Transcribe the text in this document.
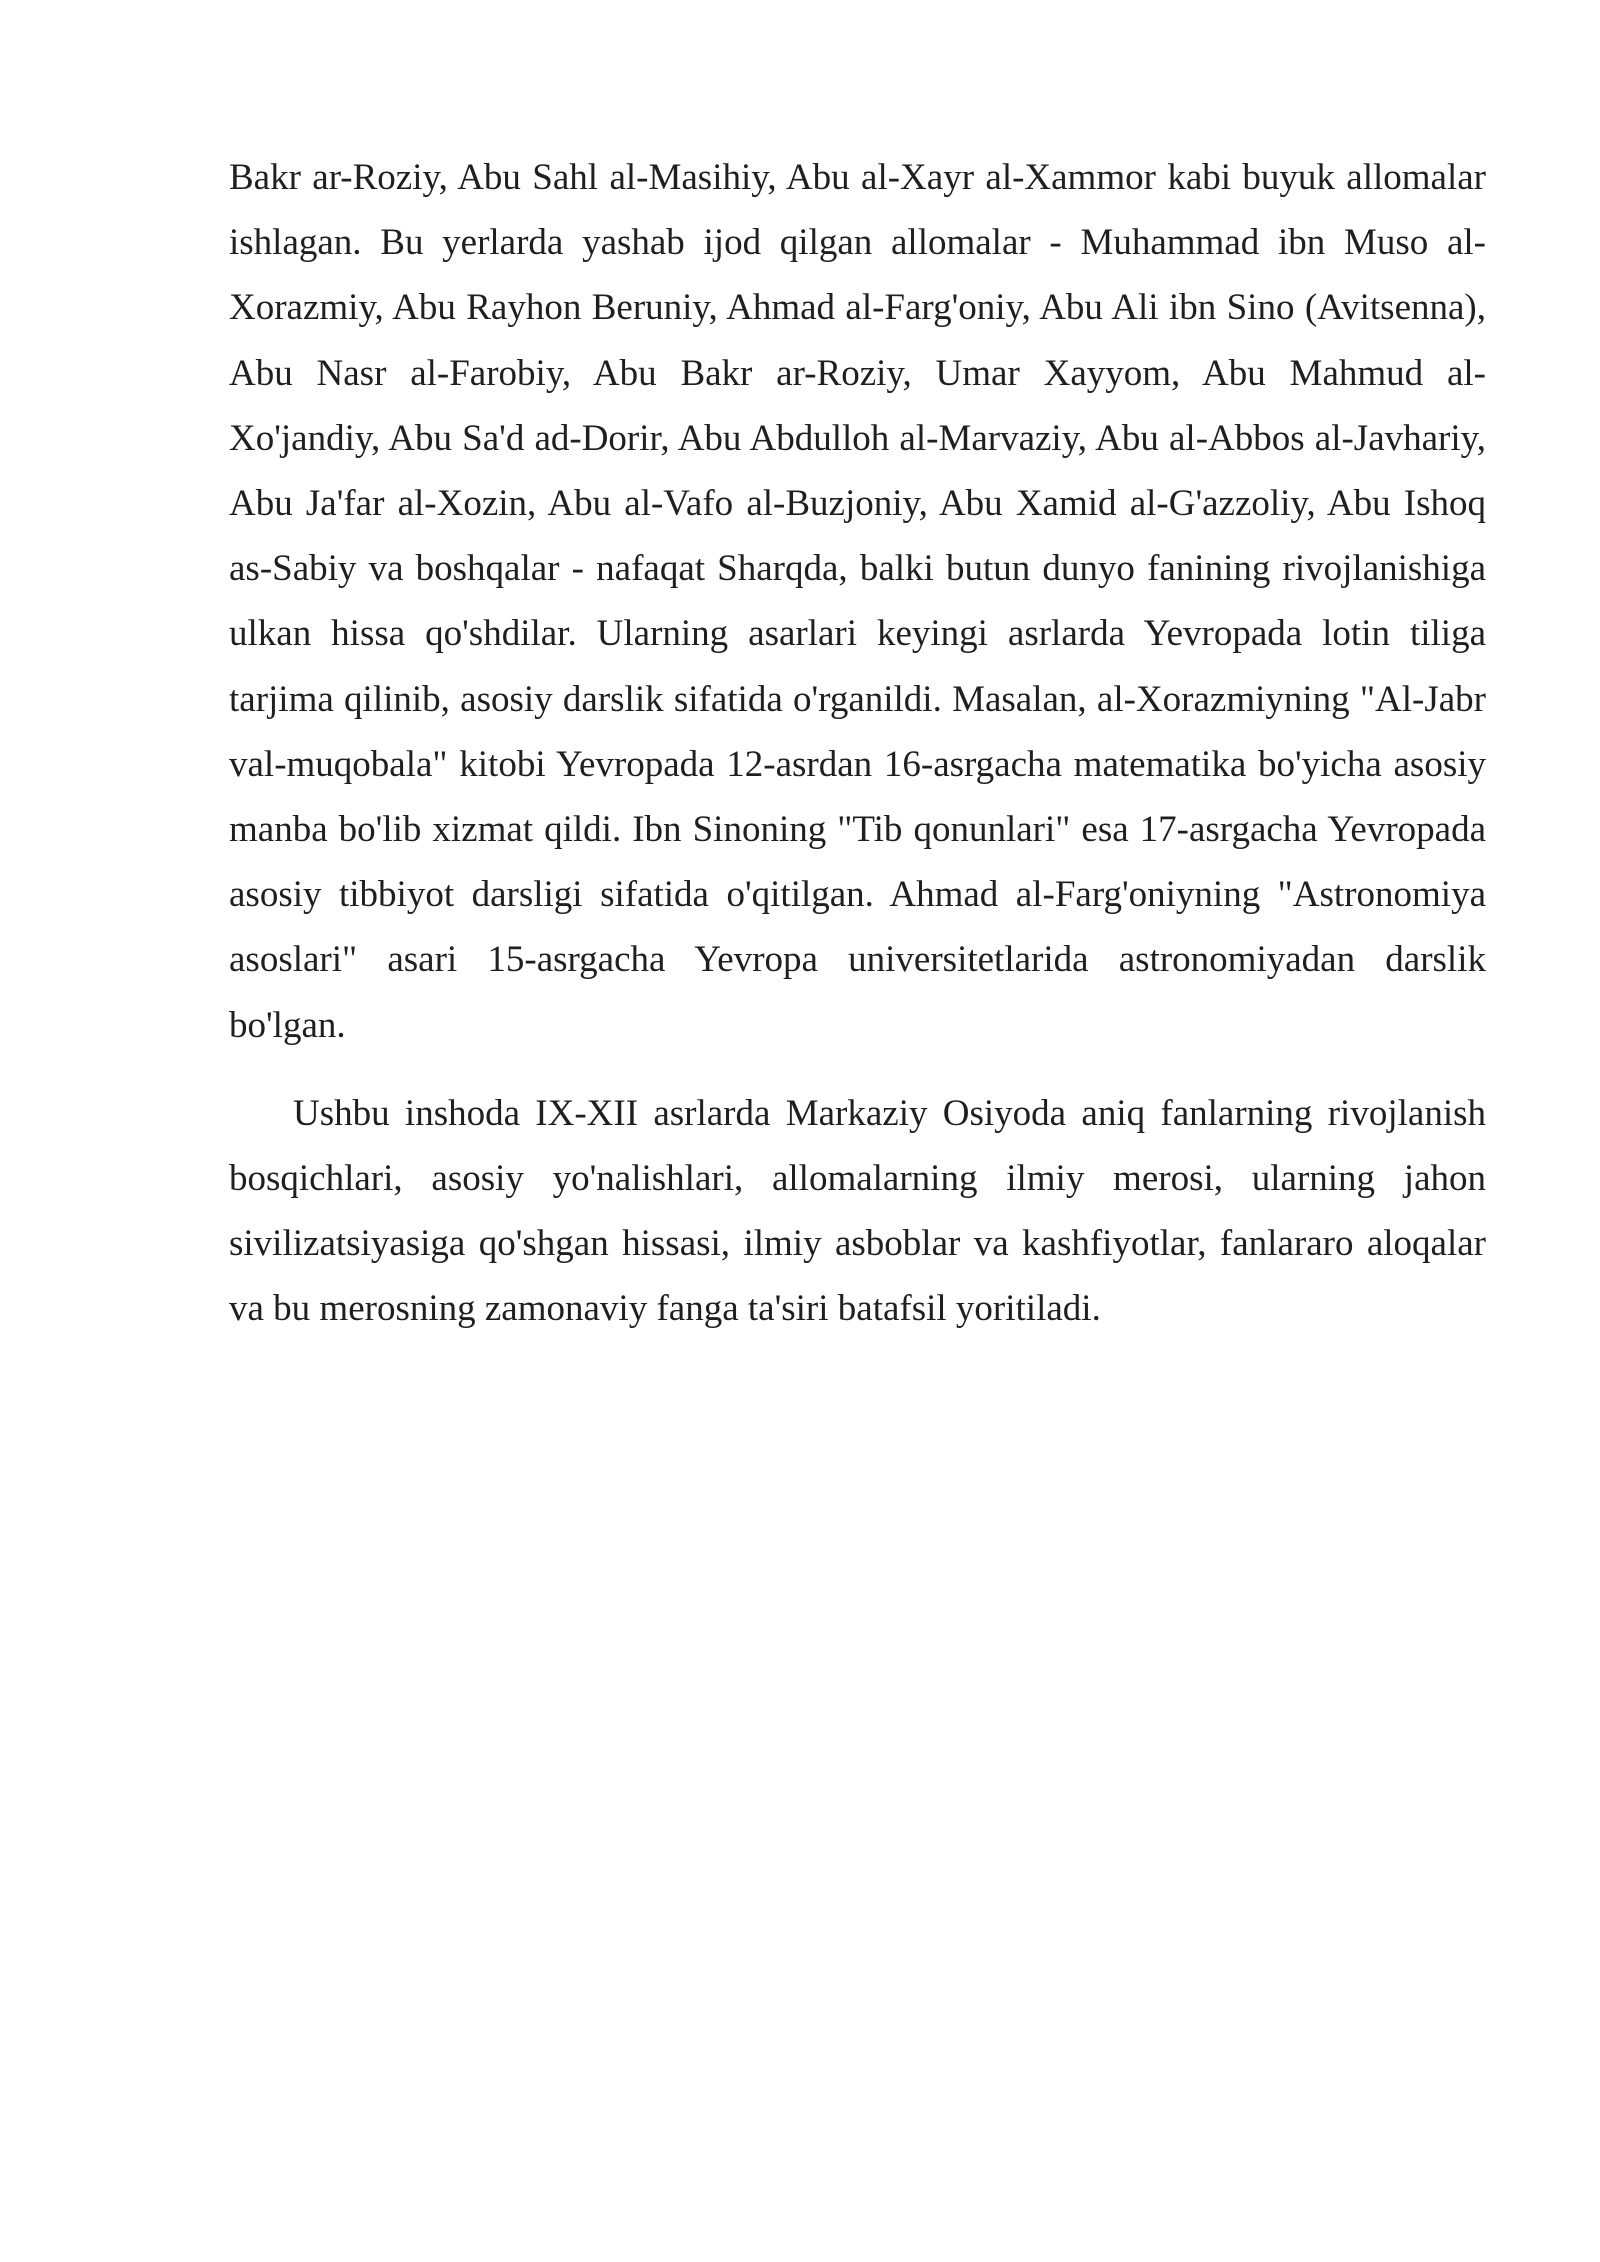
Bakr ar-Roziy, Abu Sahl al-Masihiy, Abu al-Xayr al-Xammor kabi buyuk allomalar ishlagan. Bu yerlarda yashab ijod qilgan allomalar - Muhammad ibn Muso al-Xorazmiy, Abu Rayhon Beruniy, Ahmad al-Farg'oniy, Abu Ali ibn Sino (Avitsenna), Abu Nasr al-Farobiy, Abu Bakr ar-Roziy, Umar Xayyom, Abu Mahmud al-Xo'jandiy, Abu Sa'd ad-Dorir, Abu Abdulloh al-Marvaziy, Abu al-Abbos al-Javhariy, Abu Ja'far al-Xozin, Abu al-Vafo al-Buzjoniy, Abu Xamid al-G'azzoliy, Abu Ishoq as-Sabiy va boshqalar - nafaqat Sharqda, balki butun dunyo fanining rivojlanishiga ulkan hissa qo'shdilar. Ularning asarlari keyingi asrlarda Yevropada lotin tiliga tarjima qilinib, asosiy darslik sifatida o'rganildi. Masalan, al-Xorazmiyning "Al-Jabr val-muqobala" kitobi Yevropada 12-asrdan 16-asrgacha matematika bo'yicha asosiy manba bo'lib xizmat qildi. Ibn Sinoning "Tib qonunlari" esa 17-asrgacha Yevropada asosiy tibbiyot darsligi sifatida o'qitilgan. Ahmad al-Farg'oniyning "Astronomiya asoslari" asari 15-asrgacha Yevropa universitetlarida astronomiyadan darslik bo'lgan.

Ushbu inshoda IX-XII asrlarda Markaziy Osiyoda aniq fanlarning rivojlanish bosqichlari, asosiy yo'nalishlari, allomalarning ilmiy merosi, ularning jahon sivilizatsiyasiga qo'shgan hissasi, ilmiy asboblar va kashfiyotlar, fanlararo aloqalar va bu merosning zamonaviy fanga ta'siri batafsil yoritiladi.
